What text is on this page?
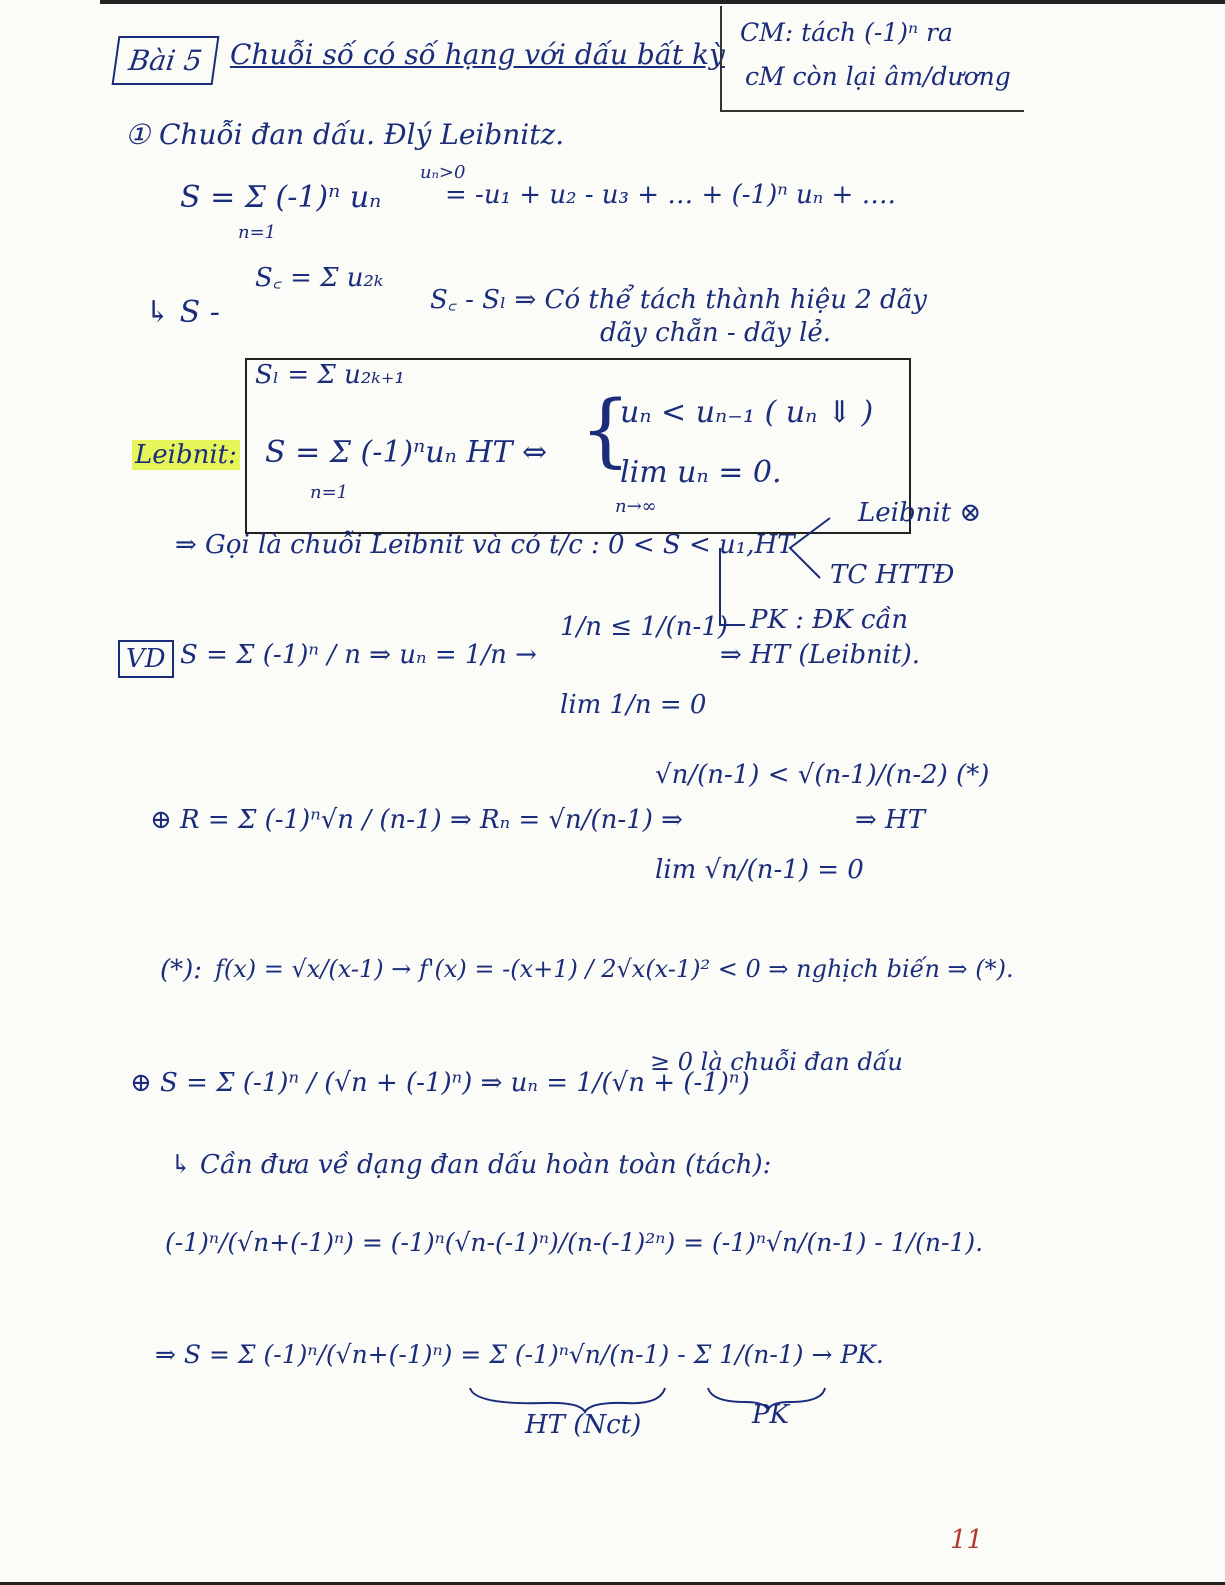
Bài 5 Chuỗi số có số hạng với dấu bất kỳ
CM: tách (-1)ⁿ ra
cM còn lại âm/dương
① Chuỗi đan dấu. Đlý Leibnitz.
S = Σ (-1)ⁿ uₙ
n=1
uₙ>0
= -u₁ + u₂ - u₃ + … + (-1)ⁿ uₙ + ….
↳ S -
S꜀ = Σ u₂ₖ
Sₗ = Σ u₂ₖ₊₁
S꜀ - Sₗ ⇒ Có thể tách thành hiệu 2 dãy
dãy chẵn - dãy lẻ.
Leibnit: S = Σ (-1)ⁿuₙ HT ⇔
n=1
{
uₙ < uₙ₋₁ ( uₙ ⇓ )
lim uₙ = 0.
n→∞
⇒ Gọi là chuỗi Leibnit và có t/c : 0 < S < u₁,HT
Leibnit ⊗
TC HTTĐ
PK : ĐK cần
VD S = Σ (-1)ⁿ / n ⇒ uₙ = 1/n →
1/n ≤ 1/(n-1)
lim 1/n = 0
⇒ HT (Leibnit).
⊕ R = Σ (-1)ⁿ√n / (n-1) ⇒ Rₙ = √n/(n-1) ⇒
√n/(n-1) < √(n-1)/(n-2) (*)
lim √n/(n-1) = 0
⇒ HT
(*): f(x) = √x/(x-1) → f'(x) = -(x+1) / 2√x(x-1)² < 0 ⇒ nghịch biến ⇒ (*).
⊕ S = Σ (-1)ⁿ / (√n + (-1)ⁿ) ⇒ uₙ = 1/(√n + (-1)ⁿ)
≥ 0 là chuỗi đan dấu
↳ Cần đưa về dạng đan dấu hoàn toàn (tách):
(-1)ⁿ/(√n+(-1)ⁿ) = (-1)ⁿ(√n-(-1)ⁿ)/(n-(-1)²ⁿ) = (-1)ⁿ√n/(n-1) - 1/(n-1).
⇒ S = Σ (-1)ⁿ/(√n+(-1)ⁿ) = Σ (-1)ⁿ√n/(n-1) - Σ 1/(n-1) → PK.
HT (Nct)	PK
11
